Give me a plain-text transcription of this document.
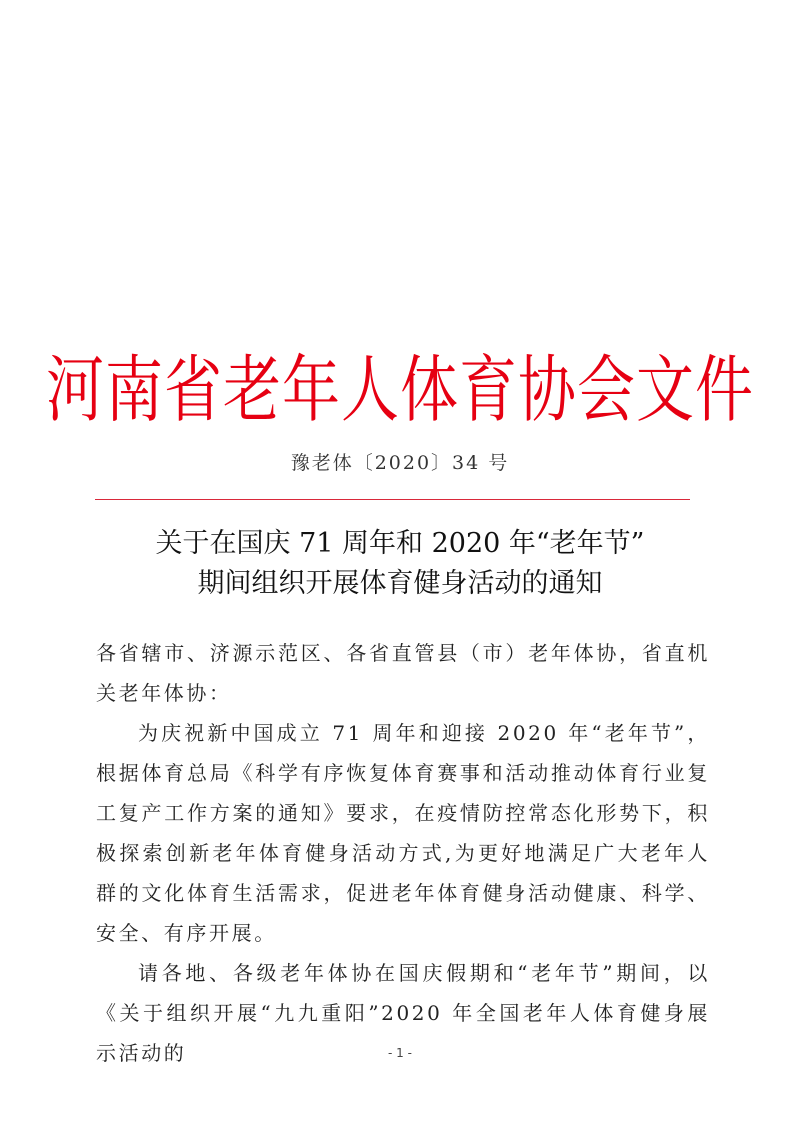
河南省老年人体育协会文件
豫老体〔2020〕34 号
关于在国庆 71 周年和 2020 年“老年节”
期间组织开展体育健身活动的通知

各省辖市、济源示范区、各省直管县（市）老年体协，省直机关老年体协：

为庆祝新中国成立 71 周年和迎接 2020 年“老年节”，根据体育总局《科学有序恢复体育赛事和活动推动体育行业复工复产工作方案的通知》要求，在疫情防控常态化形势下，积极探索创新老年体育健身活动方式,为更好地满足广大老年人群的文化体育生活需求，促进老年体育健身活动健康、科学、安全、有序开展。

请各地、各级老年体协在国庆假期和“老年节”期间，以《关于组织开展“九九重阳”2020 年全国老年人体育健身展示活动的	- 1 -
